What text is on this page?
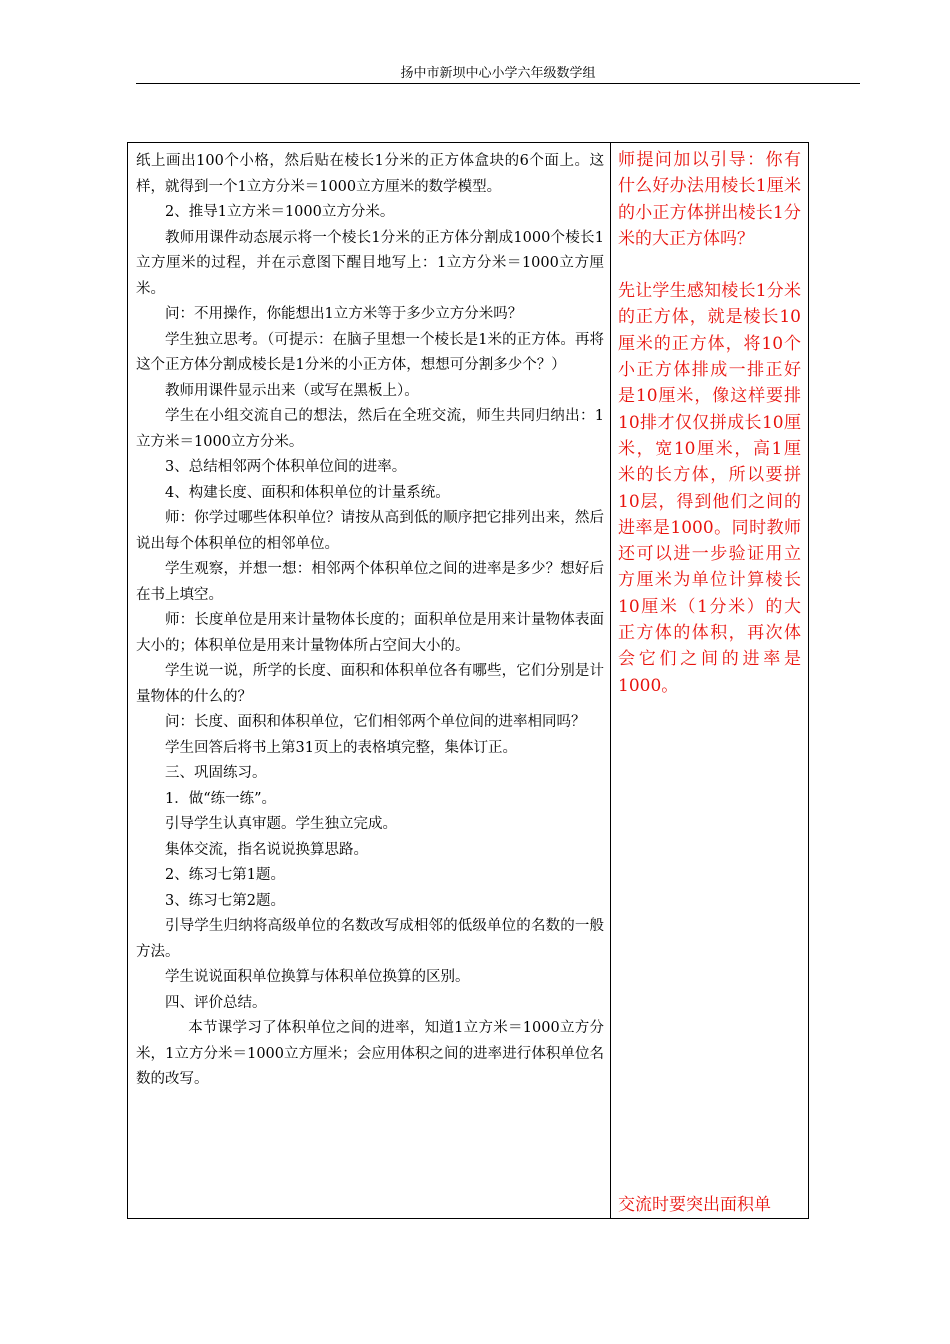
扬中市新坝中心小学六年级数学组

纸上画出100个小格，然后贴在棱长1分米的正方体盒块的6个面上。这样，就得到一个1立方分米＝1000立方厘米的数学模型。

2、推导1立方米＝1000立方分米。

教师用课件动态展示将一个棱长1分米的正方体分割成1000个棱长1立方厘米的过程，并在示意图下醒目地写上：1立方分米＝1000立方厘米。

问：不用操作，你能想出1立方米等于多少立方分米吗？

学生独立思考。（可提示：在脑子里想一个棱长是1米的正方体。再将这个正方体分割成棱长是1分米的小正方体，想想可分割多少个？）

教师用课件显示出来（或写在黑板上）。

学生在小组交流自己的想法，然后在全班交流，师生共同归纳出：1立方米＝1000立方分米。

3、总结相邻两个体积单位间的进率。

4、构建长度、面积和体积单位的计量系统。

师：你学过哪些体积单位？请按从高到低的顺序把它排列出来，然后说出每个体积单位的相邻单位。

学生观察，并想一想：相邻两个体积单位之间的进率是多少？想好后在书上填空。

师：长度单位是用来计量物体长度的；面积单位是用来计量物体表面大小的；体积单位是用来计量物体所占空间大小的。

学生说一说，所学的长度、面积和体积单位各有哪些，它们分别是计量物体的什么的？

问：长度、面积和体积单位，它们相邻两个单位间的进率相同吗？

学生回答后将书上第31页上的表格填完整，集体订正。

三、巩固练习。

1．做“练一练”。

引导学生认真审题。学生独立完成。

集体交流，指名说说换算思路。

2、练习七第1题。

3、练习七第2题。

引导学生归纳将高级单位的名数改写成相邻的低级单位的名数的一般方法。

学生说说面积单位换算与体积单位换算的区别。

四、评价总结。

本节课学习了体积单位之间的进率，知道1立方米＝1000立方分米，1立方分米＝1000立方厘米；会应用体积之间的进率进行体积单位名数的改写。

师提问加以引导：你有什么好办法用棱长1厘米的小正方体拼出棱长1分米的大正方体吗？

先让学生感知棱长1分米的正方体，就是棱长10厘米的正方体，将10个小正方体排成一排正好是10厘米，像这样要排10排才仅仅拼成长10厘米，宽10厘米，高1厘米的长方体，所以要拼10层，得到他们之间的进率是1000。同时教师还可以进一步验证用立方厘米为单位计算棱长10厘米（1分米）的大正方体的体积，再次体会它们之间的进率是1000。

交流时要突出面积单
